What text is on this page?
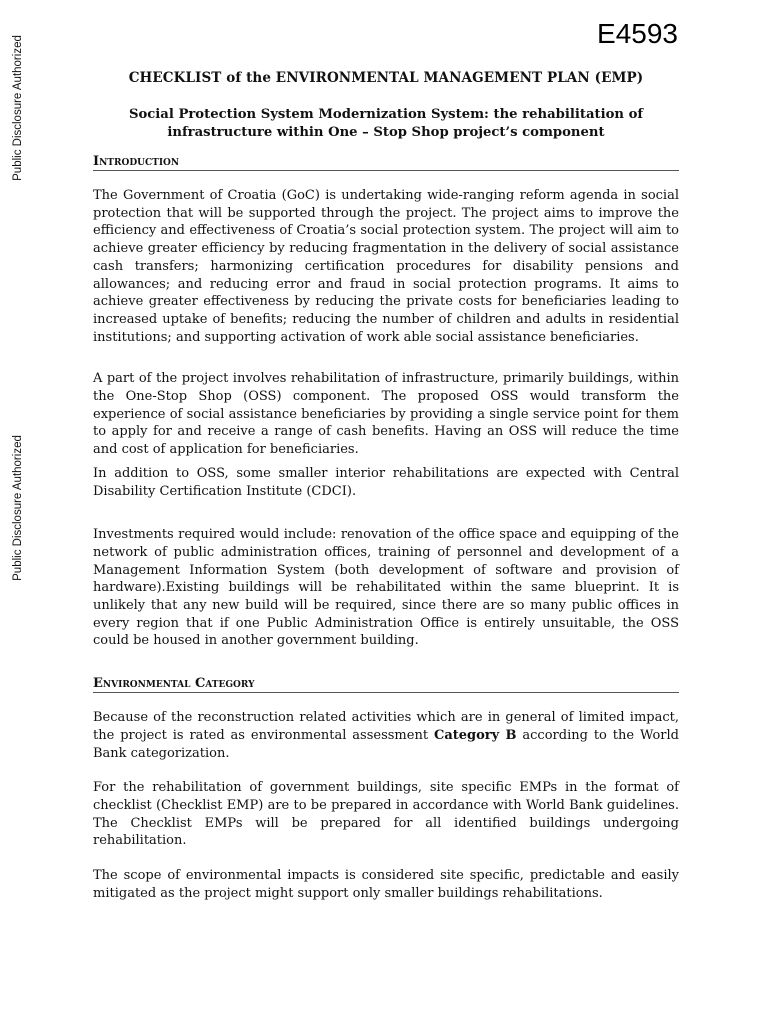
Public Disclosure Authorized
Public Disclosure Authorized
E4593
CHECKLIST of the ENVIRONMENTAL MANAGEMENT PLAN (EMP)
Social Protection System Modernization System: the rehabilitation of infrastructure within One – Stop Shop project’s component
Introduction

The Government of Croatia (GoC) is undertaking wide-ranging reform agenda in social protection that will be supported through the project. The project aims to improve the efficiency and effectiveness of Croatia’s social protection system. The project will aim to achieve greater efficiency by reducing fragmentation in the delivery of social assistance cash transfers; harmonizing certification procedures for disability pensions and allowances; and reducing error and fraud in social protection programs. It aims to achieve greater effectiveness by reducing the private costs for beneficiaries leading to increased uptake of benefits; reducing the number of children and adults in residential institutions; and supporting activation of work able social assistance beneficiaries.

A part of the project involves rehabilitation of infrastructure, primarily buildings, within the One-Stop Shop (OSS) component. The proposed OSS would transform the experience of social assistance beneficiaries by providing a single service point for them to apply for and receive a range of cash benefits. Having an OSS will reduce the time and cost of application for beneficiaries.

In addition to OSS, some smaller interior rehabilitations are expected with Central Disability Certification Institute (CDCI).

Investments required would include: renovation of the office space and equipping of the network of public administration offices, training of personnel and development of a Management Information System (both development of software and provision of hardware).Existing buildings will be rehabilitated within the same blueprint. It is unlikely that any new build will be required, since there are so many public offices in every region that if one Public Administration Office is entirely unsuitable, the OSS could be housed in another government building.

Environmental Category

Because of the reconstruction related activities which are in general of limited impact, the project is rated as environmental assessment Category B according to the World Bank categorization.

For the rehabilitation of government buildings, site specific EMPs in the format of checklist (Checklist EMP) are to be prepared in accordance with World Bank guidelines. The Checklist EMPs will be prepared for all identified buildings undergoing rehabilitation.

The scope of environmental impacts is considered site specific, predictable and easily mitigated as the project might support only smaller buildings rehabilitations.
